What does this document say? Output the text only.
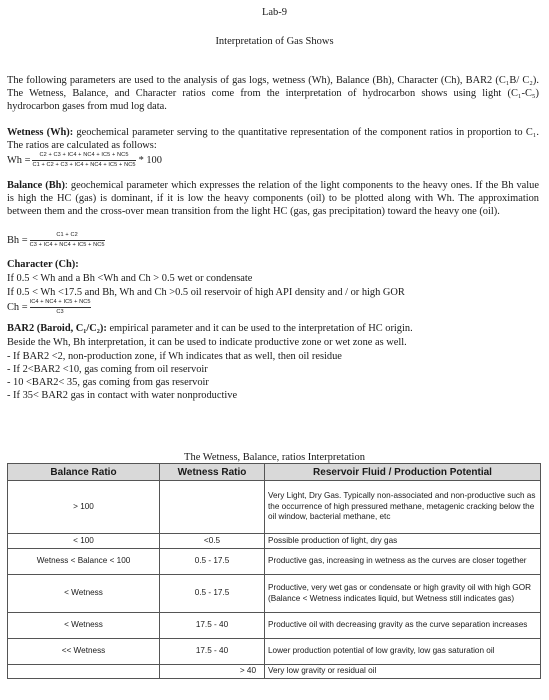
Lab-9
Interpretation of Gas Shows
The following parameters are used to the analysis of gas logs, wetness (Wh), Balance (Bh), Character (Ch), BAR2 (C₁B/ C₂). The Wetness, Balance, and Character ratios come from the interpretation of hydrocarbon shows using light (C₁-C₅) hydrocarbon gases from mud log data.
Wetness (Wh): geochemical parameter serving to the quantitative representation of the component ratios in proportion to C₁. The ratios are calculated as follows:
$Wh = \frac{C2 + C3 + IC4 + NC4 + IC5 + NC5}{C1 + C2 + C3 + IC4 + NC4 + IC5 + NC5} * 100$
Balance (Bh): geochemical parameter which expresses the relation of the light components to the heavy ones. If the Bh value is high the HC (gas) is dominant, if it is low the heavy components (oil) to be plotted along with Wh. The approximation between them and the cross-over mean transition from the light HC (gas, gas precipitation) toward the heavy one (oil).
$Bh = \frac{C1 + C2}{C3 + IC4 + NC4 + IC5 + NC5}$
Character (Ch):
If 0.5 < Wh and a Bh <Wh and Ch > 0.5 wet or condensate
If 0.5 < Wh <17.5 and Bh, Wh and Ch >0.5 oil reservoir of high API density and / or high GOR
$Ch = \frac{IC4 + NC4 + IC5 + NC5}{C3}$
BAR2 (Baroid, C₁/C₂): empirical parameter and it can be used to the interpretation of HC origin.
Beside the Wh, Bh interpretation, it can be used to indicate productive zone or wet zone as well.
- If BAR2 <2, non-production zone, if Wh indicates that as well, then oil residue
- If 2<BAR2 <10, gas coming from oil reservoir
- 10 <BAR2< 35, gas coming from gas reservoir
- If 35< BAR2 gas in contact with water nonproductive
The Wetness, Balance, ratios Interpretation
Balance Ratio	Wetness Ratio	Reservoir Fluid / Production Potential
> 100		Very Light, Dry Gas. Typically non-associated and non-productive such as the occurrence of high pressured methane, metagenic cracking below the oil window, bacterial methane, etc
< 100	<0.5	Possible production of light, dry gas
Wetness < Balance < 100	0.5 - 17.5	Productive gas, increasing in wetness as the curves are closer together
< Wetness	0.5 - 17.5	Productive, very wet gas or condensate or high gravity oil with high GOR (Balance < Wetness indicates liquid, but Wetness still indicates gas)
< Wetness	17.5 - 40	Productive oil with decreasing gravity as the curve separation increases
<< Wetness	17.5 - 40	Lower production potential of low gravity, low gas saturation oil
	> 40	Very low gravity or residual oil
